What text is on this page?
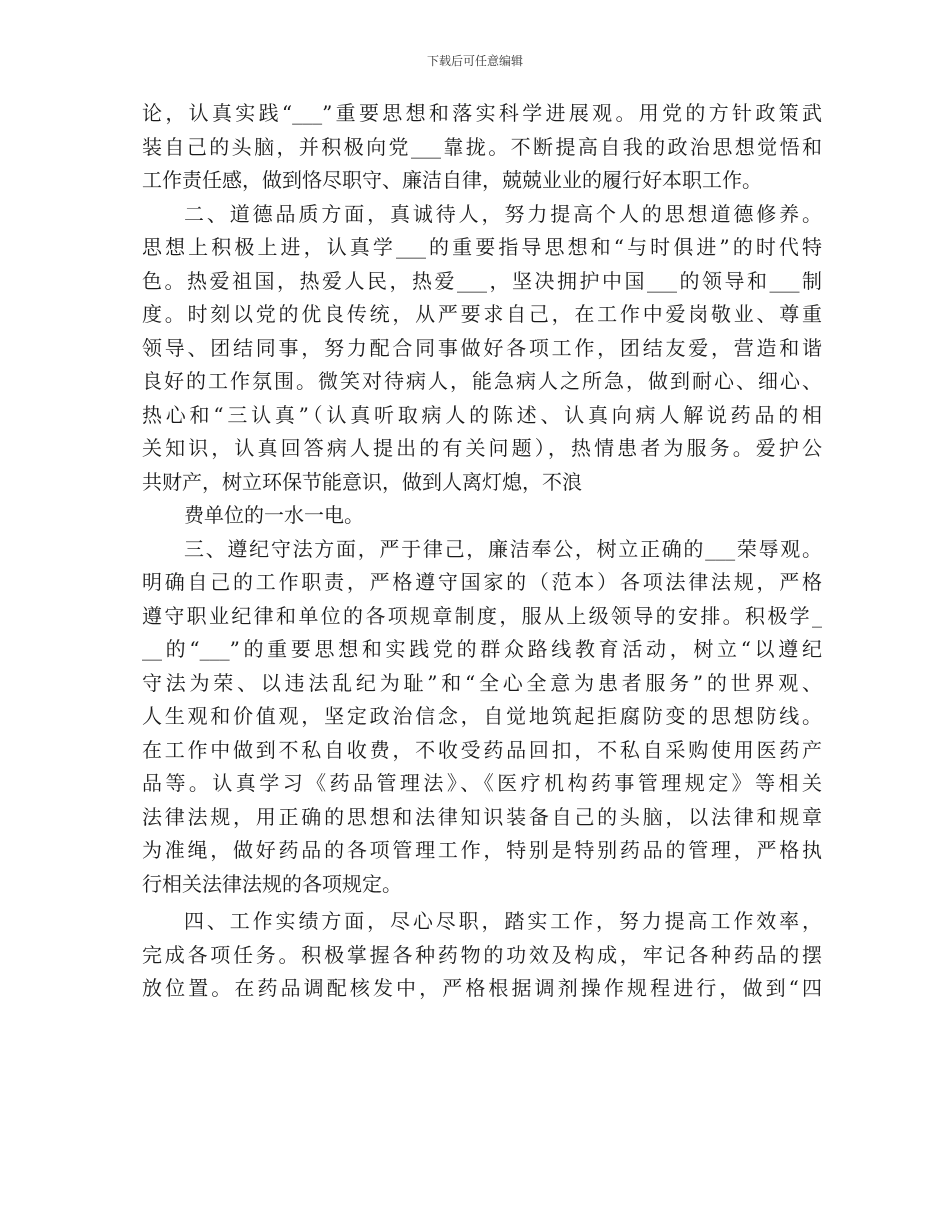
下载后可任意编辑
论，认真实践“___”重要思想和落实科学进展观。用党的方针政策武
装自己的头脑，并积极向党___靠拢。不断提高自我的政治思想觉悟和
工作责任感，做到恪尽职守、廉洁自律，兢兢业业的履行好本职工作。
二、道德品质方面，真诚待人，努力提高个人的思想道德修养。
思想上积极上进，认真学___的重要指导思想和“与时俱进”的时代特
色。热爱祖国，热爱人民，热爱___，坚决拥护中国___的领导和___制
度。时刻以党的优良传统，从严要求自己，在工作中爱岗敬业、尊重
领导、团结同事，努力配合同事做好各项工作，团结友爱，营造和谐
良好的工作氛围。微笑对待病人，能急病人之所急，做到耐心、细心、
热心和“三认真”（认真听取病人的陈述、认真向病人解说药品的相
关知识，认真回答病人提出的有关问题），热情患者为服务。爱护公
共财产，树立环保节能意识，做到人离灯熄，不浪
费单位的一水一电。
三、遵纪守法方面，严于律己，廉洁奉公，树立正确的___荣辱观。
明确自己的工作职责，严格遵守国家的（范本）各项法律法规，严格
遵守职业纪律和单位的各项规章制度，服从上级领导的安排。积极学_
__的“___”的重要思想和实践党的群众路线教育活动，树立“以遵纪
守法为荣、以违法乱纪为耻”和“全心全意为患者服务”的世界观、
人生观和价值观，坚定政治信念，自觉地筑起拒腐防变的思想防线。
在工作中做到不私自收费，不收受药品回扣，不私自采购使用医药产
品等。认真学习《药品管理法》、《医疗机构药事管理规定》等相关
法律法规，用正确的思想和法律知识装备自己的头脑，以法律和规章
为准绳，做好药品的各项管理工作，特别是特别药品的管理，严格执
行相关法律法规的各项规定。
四、工作实绩方面，尽心尽职，踏实工作，努力提高工作效率，
完成各项任务。积极掌握各种药物的功效及构成，牢记各种药品的摆
放位置。在药品调配核发中，严格根据调剂操作规程进行，做到“四
